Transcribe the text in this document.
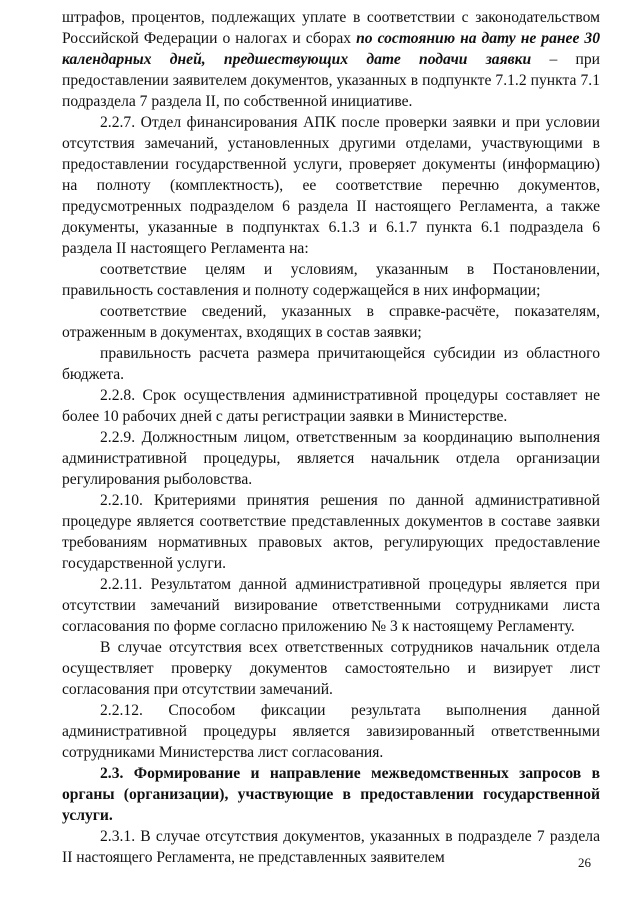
штрафов, процентов, подлежащих уплате в соответствии с законодательством Российской Федерации о налогах и сборах по состоянию на дату не ранее 30 календарных дней, предшествующих дате подачи заявки – при предоставлении заявителем документов, указанных в подпункте 7.1.2 пункта 7.1 подраздела 7 раздела II, по собственной инициативе.

2.2.7. Отдел финансирования АПК после проверки заявки и при условии отсутствия замечаний, установленных другими отделами, участвующими в предоставлении государственной услуги, проверяет документы (информацию) на полноту (комплектность), ее соответствие перечню документов, предусмотренных подразделом 6 раздела II настоящего Регламента, а также документы, указанные в подпунктах 6.1.3 и 6.1.7 пункта 6.1 подраздела 6 раздела II настоящего Регламента на:

соответствие целям и условиям, указанным в Постановлении, правильность составления и полноту содержащейся в них информации;

соответствие сведений, указанных в справке-расчёте, показателям, отраженным в документах, входящих в состав заявки;

правильность расчета размера причитающейся субсидии из областного бюджета.

2.2.8. Срок осуществления административной процедуры составляет не более 10 рабочих дней с даты регистрации заявки в Министерстве.

2.2.9. Должностным лицом, ответственным за координацию выполнения административной процедуры, является начальник отдела организации регулирования рыболовства.

2.2.10. Критериями принятия решения по данной административной процедуре является соответствие представленных документов в составе заявки требованиям нормативных правовых актов, регулирующих предоставление государственной услуги.

2.2.11. Результатом данной административной процедуры является при отсутствии замечаний визирование ответственными сотрудниками листа согласования по форме согласно приложению № 3 к настоящему Регламенту.

В случае отсутствия всех ответственных сотрудников начальник отдела осуществляет проверку документов самостоятельно и визирует лист согласования при отсутствии замечаний.

2.2.12. Способом фиксации результата выполнения данной административной процедуры является завизированный ответственными сотрудниками Министерства лист согласования.

2.3. Формирование и направление межведомственных запросов в органы (организации), участвующие в предоставлении государственной услуги.

2.3.1. В случае отсутствия документов, указанных в подразделе 7 раздела II настоящего Регламента, не представленных заявителем	26
